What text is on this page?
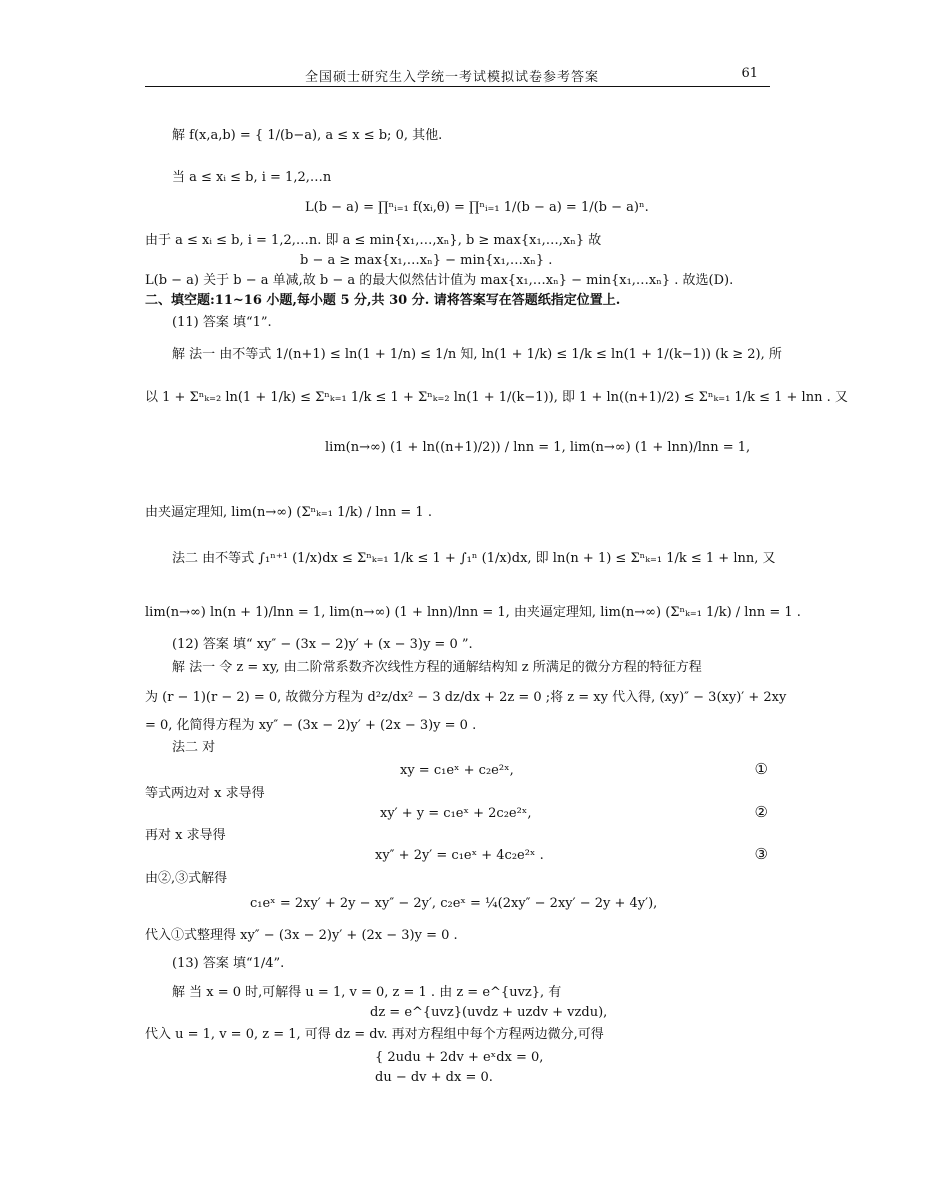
全国硕士研究生入学统一考试模拟试卷参考答案	61
解 f(x,a,b) = { 1/(b−a), a ≤ x ≤ b; 0, 其他.
当 a ≤ xᵢ ≤ b, i = 1,2,…n
L(b − a) = ∏ⁿᵢ₌₁ f(xᵢ,θ) = ∏ⁿᵢ₌₁ 1/(b − a) = 1/(b − a)ⁿ.
由于 a ≤ xᵢ ≤ b, i = 1,2,…n. 即 a ≤ min{x₁,…,xₙ}, b ≥ max{x₁,…,xₙ} 故
b − a ≥ max{x₁,…xₙ} − min{x₁,…xₙ} .
L(b − a) 关于 b − a 单减,故 b − a 的最大似然估计值为 max{x₁,…xₙ} − min{x₁,…xₙ} . 故选(D).
二、填空题:11~16 小题,每小题 5 分,共 30 分. 请将答案写在答题纸指定位置上.
(11) 答案 填“1”.
解 法一 由不等式 1/(n+1) ≤ ln(1 + 1/n) ≤ 1/n 知, ln(1 + 1/k) ≤ 1/k ≤ ln(1 + 1/(k−1)) (k ≥ 2), 所
以 1 + Σⁿₖ₌₂ ln(1 + 1/k) ≤ Σⁿₖ₌₁ 1/k ≤ 1 + Σⁿₖ₌₂ ln(1 + 1/(k−1)), 即 1 + ln((n+1)/2) ≤ Σⁿₖ₌₁ 1/k ≤ 1 + lnn . 又
lim(n→∞) (1 + ln((n+1)/2)) / lnn = 1, lim(n→∞) (1 + lnn)/lnn = 1,
由夹逼定理知, lim(n→∞) (Σⁿₖ₌₁ 1/k) / lnn = 1 .
法二 由不等式 ∫₁ⁿ⁺¹ (1/x)dx ≤ Σⁿₖ₌₁ 1/k ≤ 1 + ∫₁ⁿ (1/x)dx, 即 ln(n + 1) ≤ Σⁿₖ₌₁ 1/k ≤ 1 + lnn, 又
lim(n→∞) ln(n + 1)/lnn = 1, lim(n→∞) (1 + lnn)/lnn = 1, 由夹逼定理知, lim(n→∞) (Σⁿₖ₌₁ 1/k) / lnn = 1 .
(12) 答案 填“ xy″ − (3x − 2)y′ + (x − 3)y = 0 ”.
解 法一 令 z = xy, 由二阶常系数齐次线性方程的通解结构知 z 所满足的微分方程的特征方程
为 (r − 1)(r − 2) = 0, 故微分方程为 d²z/dx² − 3 dz/dx + 2z = 0 ;将 z = xy 代入得, (xy)″ − 3(xy)′ + 2xy
= 0, 化简得方程为 xy″ − (3x − 2)y′ + (2x − 3)y = 0 .
法二 对
xy = c₁eˣ + c₂e²ˣ,
等式两边对 x 求导得
xy′ + y = c₁eˣ + 2c₂e²ˣ,
再对 x 求导得
xy″ + 2y′ = c₁eˣ + 4c₂e²ˣ .
由②,③式解得
c₁eˣ = 2xy′ + 2y − xy″ − 2y′, c₂eˣ = ¼(2xy″ − 2xy′ − 2y + 4y′),
代入①式整理得 xy″ − (3x − 2)y′ + (2x − 3)y = 0 .
(13) 答案 填“1/4”.
解 当 x = 0 时,可解得 u = 1, v = 0, z = 1 . 由 z = e^{uvz}, 有
dz = e^{uvz}(uvdz + uzdv + vzdu),
代入 u = 1, v = 0, z = 1, 可得 dz = dv. 再对方程组中每个方程两边微分,可得
{ 2udu + 2dv + eˣdx = 0,
du − dv + dx = 0.
①
②
③
